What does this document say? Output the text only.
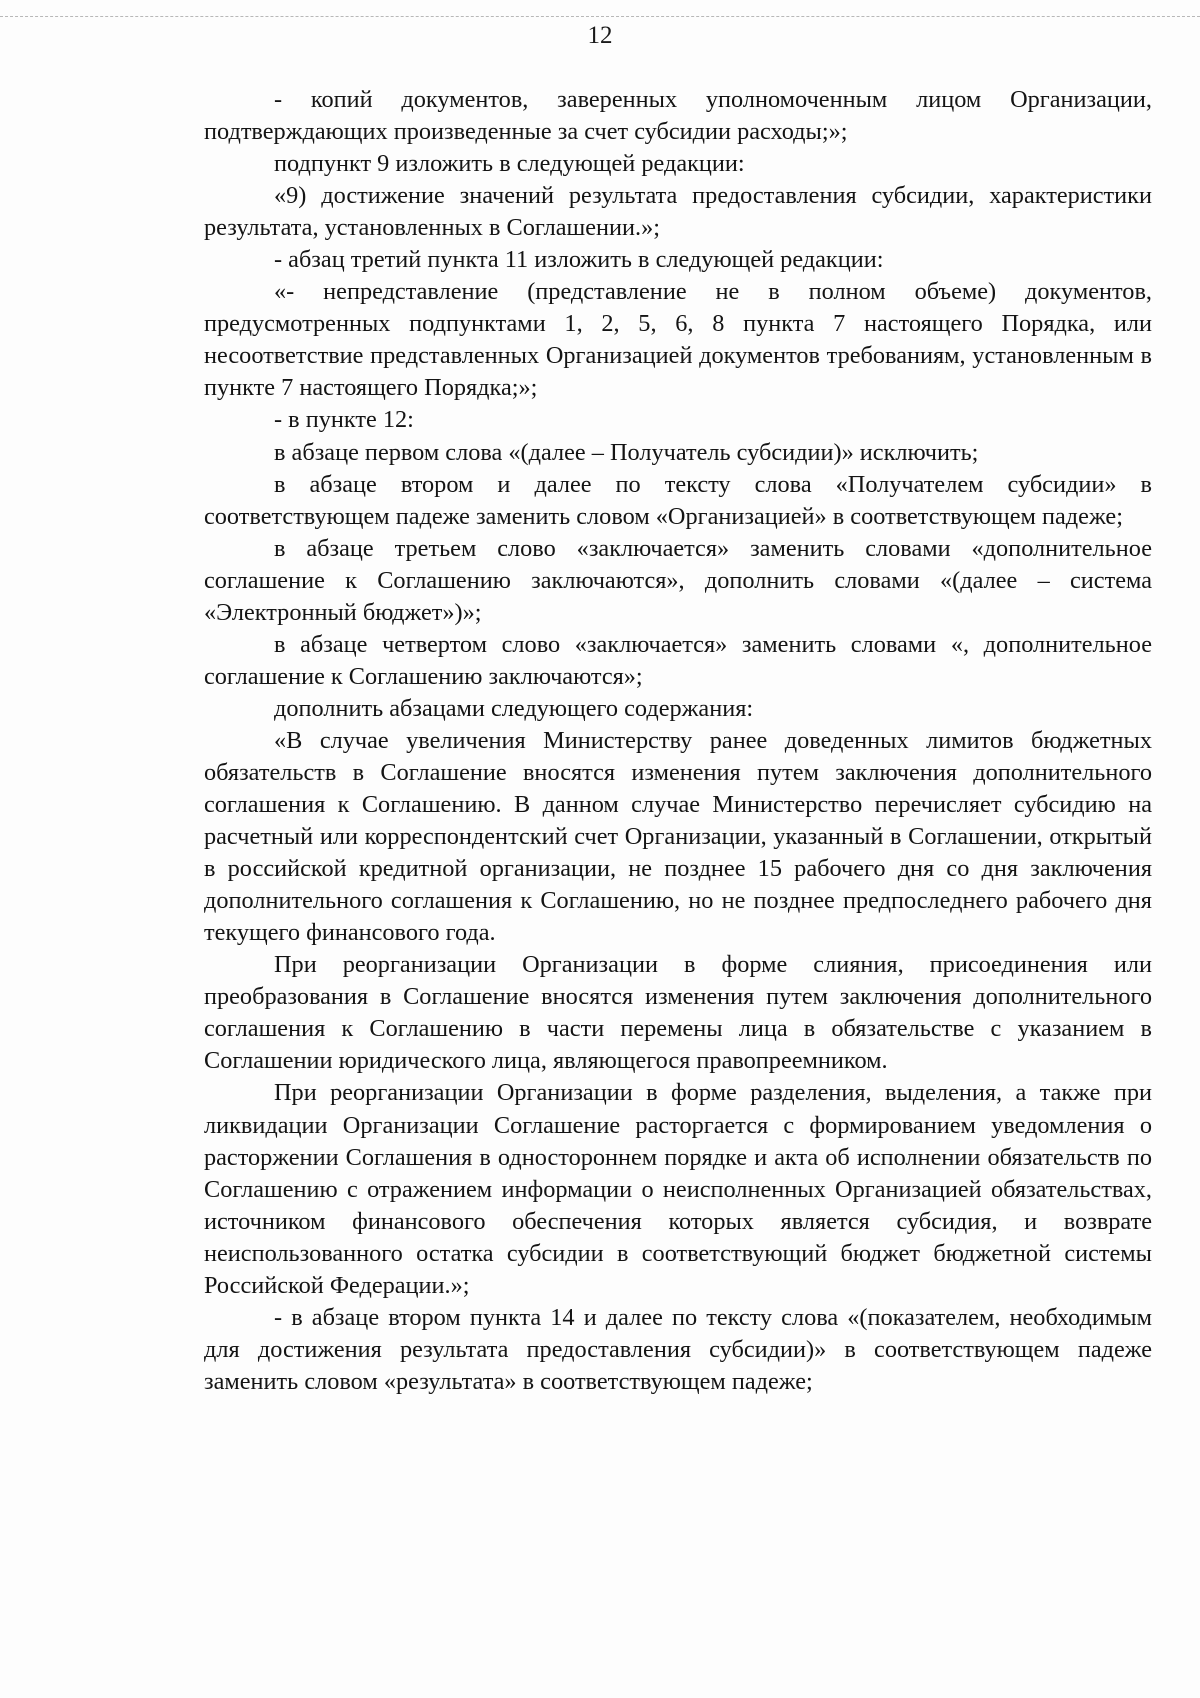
12

- копий документов, заверенных уполномоченным лицом Организации, подтверждающих произведенные за счет субсидии расходы;»;

подпункт 9 изложить в следующей редакции:

«9) достижение значений результата предоставления субсидии, характеристики результата, установленных в Соглашении.»;

- абзац третий пункта 11 изложить в следующей редакции:

«- непредставление (представление не в полном объеме) документов, предусмотренных подпунктами 1, 2, 5, 6, 8 пункта 7 настоящего Порядка, или несоответствие представленных Организацией документов требованиям, установленным в пункте 7 настоящего Порядка;»;

- в пункте 12:

в абзаце первом слова «(далее – Получатель субсидии)» исключить;

в абзаце втором и далее по тексту слова «Получателем субсидии» в соответствующем падеже заменить словом «Организацией» в соответствующем падеже;

в абзаце третьем слово «заключается» заменить словами «дополнительное соглашение к Соглашению заключаются», дополнить словами «(далее – система «Электронный бюджет»)»;

в абзаце четвертом слово «заключается» заменить словами «, дополнительное соглашение к Соглашению заключаются»;

дополнить абзацами следующего содержания:

«В случае увеличения Министерству ранее доведенных лимитов бюджетных обязательств в Соглашение вносятся изменения путем заключения дополнительного соглашения к Соглашению. В данном случае Министерство перечисляет субсидию на расчетный или корреспондентский счет Организации, указанный в Соглашении, открытый в российской кредитной организации, не позднее 15 рабочего дня со дня заключения дополнительного соглашения к Соглашению, но не позднее предпоследнего рабочего дня текущего финансового года.

При реорганизации Организации в форме слияния, присоединения или преобразования в Соглашение вносятся изменения путем заключения дополнительного соглашения к Соглашению в части перемены лица в обязательстве с указанием в Соглашении юридического лица, являющегося правопреемником.

При реорганизации Организации в форме разделения, выделения, а также при ликвидации Организации Соглашение расторгается с формированием уведомления о расторжении Соглашения в одностороннем порядке и акта об исполнении обязательств по Соглашению с отражением информации о неисполненных Организацией обязательствах, источником финансового обеспечения которых является субсидия, и возврате неиспользованного остатка субсидии в соответствующий бюджет бюджетной системы Российской Федерации.»;

- в абзаце втором пункта 14 и далее по тексту слова «(показателем, необходимым для достижения результата предоставления субсидии)» в соответствующем падеже заменить словом «результата» в соответствующем падеже;
